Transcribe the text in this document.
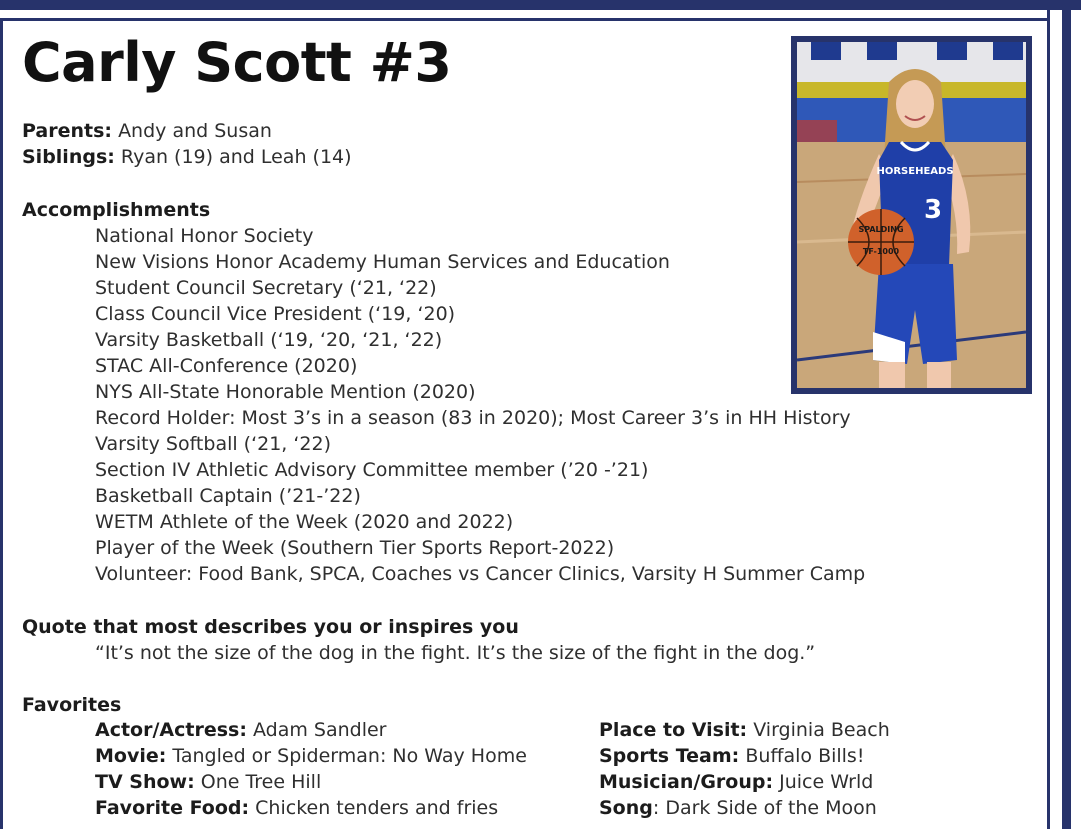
Carly Scott #3
Parents: Andy and Susan
Siblings: Ryan (19) and Leah (14)
Accomplishments
National Honor Society
New Visions Honor Academy Human Services and Education
Student Council Secretary (‘21, ‘22)
Class Council Vice President (‘19, ‘20)
Varsity Basketball (‘19, ‘20, ‘21, ‘22)
STAC All-Conference (2020)
NYS All-State Honorable Mention (2020)
Record Holder: Most 3’s in a season (83 in 2020); Most Career 3’s in HH History
Varsity Softball (‘21, ‘22)
Section IV Athletic Advisory Committee member (’20 -’21)
Basketball Captain (’21-’22)
WETM Athlete of the Week (2020 and 2022)
Player of the Week (Southern Tier Sports Report-2022)
Volunteer: Food Bank, SPCA, Coaches vs Cancer Clinics, Varsity H Summer Camp
Quote that most describes you or inspires you
“It’s not the size of the dog in the fight. It’s the size of the fight in the dog.”
Favorites
Actor/Actress: Adam Sandler
Movie: Tangled or Spiderman: No Way Home
TV Show: One Tree Hill
Favorite Food: Chicken tenders and fries
Place to Visit: Virginia Beach
Sports Team: Buffalo Bills!
Musician/Group: Juice Wrld
Song: Dark Side of the Moon
HORSEHEADS
3
SPALDING
TF-1000
